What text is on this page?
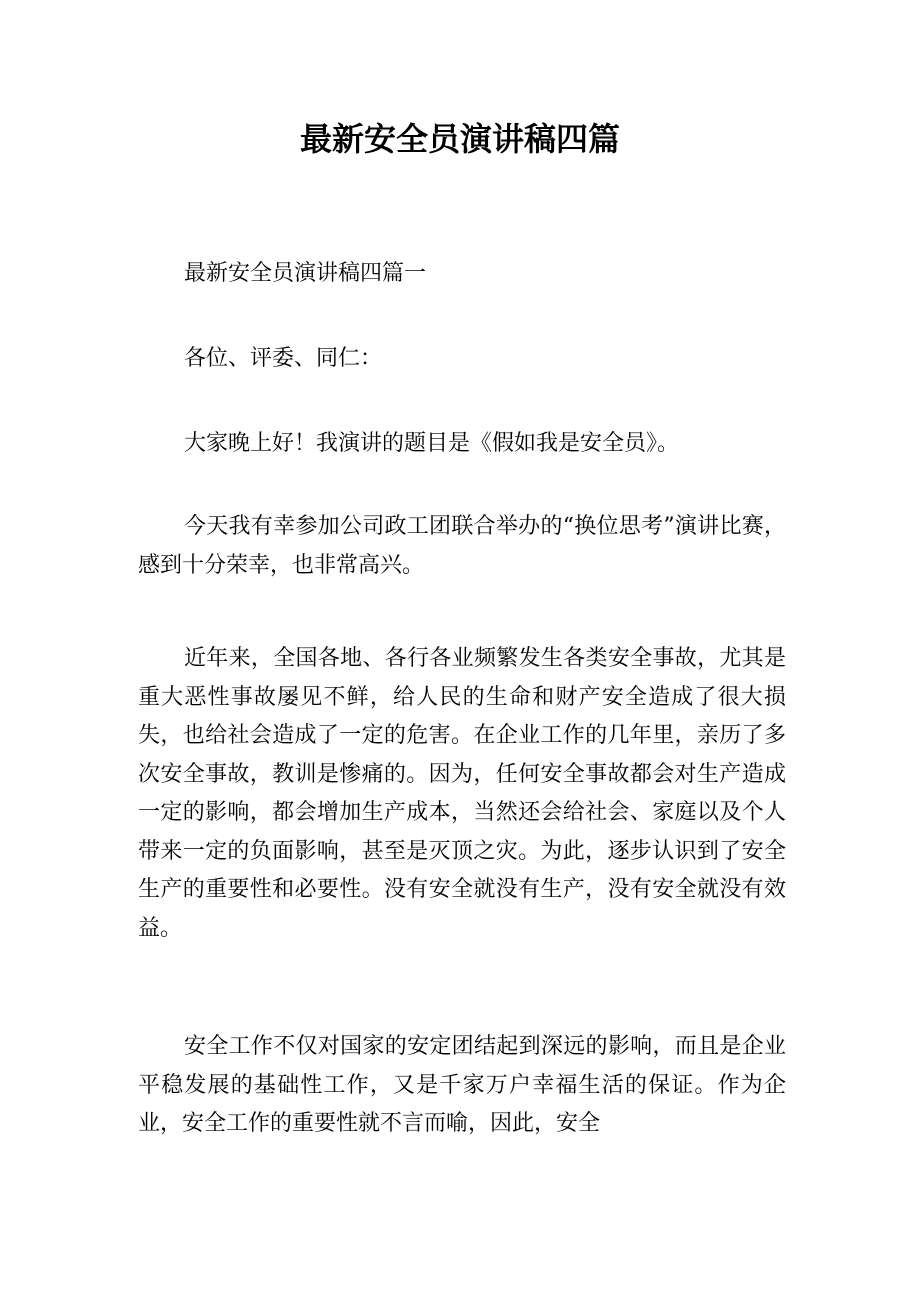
最新安全员演讲稿四篇

最新安全员演讲稿四篇一

各位、评委、同仁：

大家晚上好！我演讲的题目是《假如我是安全员》。

今天我有幸参加公司政工团联合举办的“换位思考”演讲比赛，感到十分荣幸，也非常高兴。

近年来，全国各地、各行各业频繁发生各类安全事故，尤其是重大恶性事故屡见不鲜，给人民的生命和财产安全造成了很大损失，也给社会造成了一定的危害。在企业工作的几年里，亲历了多次安全事故，教训是惨痛的。因为，任何安全事故都会对生产造成一定的影响，都会增加生产成本，当然还会给社会、家庭以及个人带来一定的负面影响，甚至是灭顶之灾。为此，逐步认识到了安全生产的重要性和必要性。没有安全就没有生产，没有安全就没有效益。

安全工作不仅对国家的安定团结起到深远的影响，而且是企业平稳发展的基础性工作，又是千家万户幸福生活的保证。作为企业，安全工作的重要性就不言而喻，因此，安全
